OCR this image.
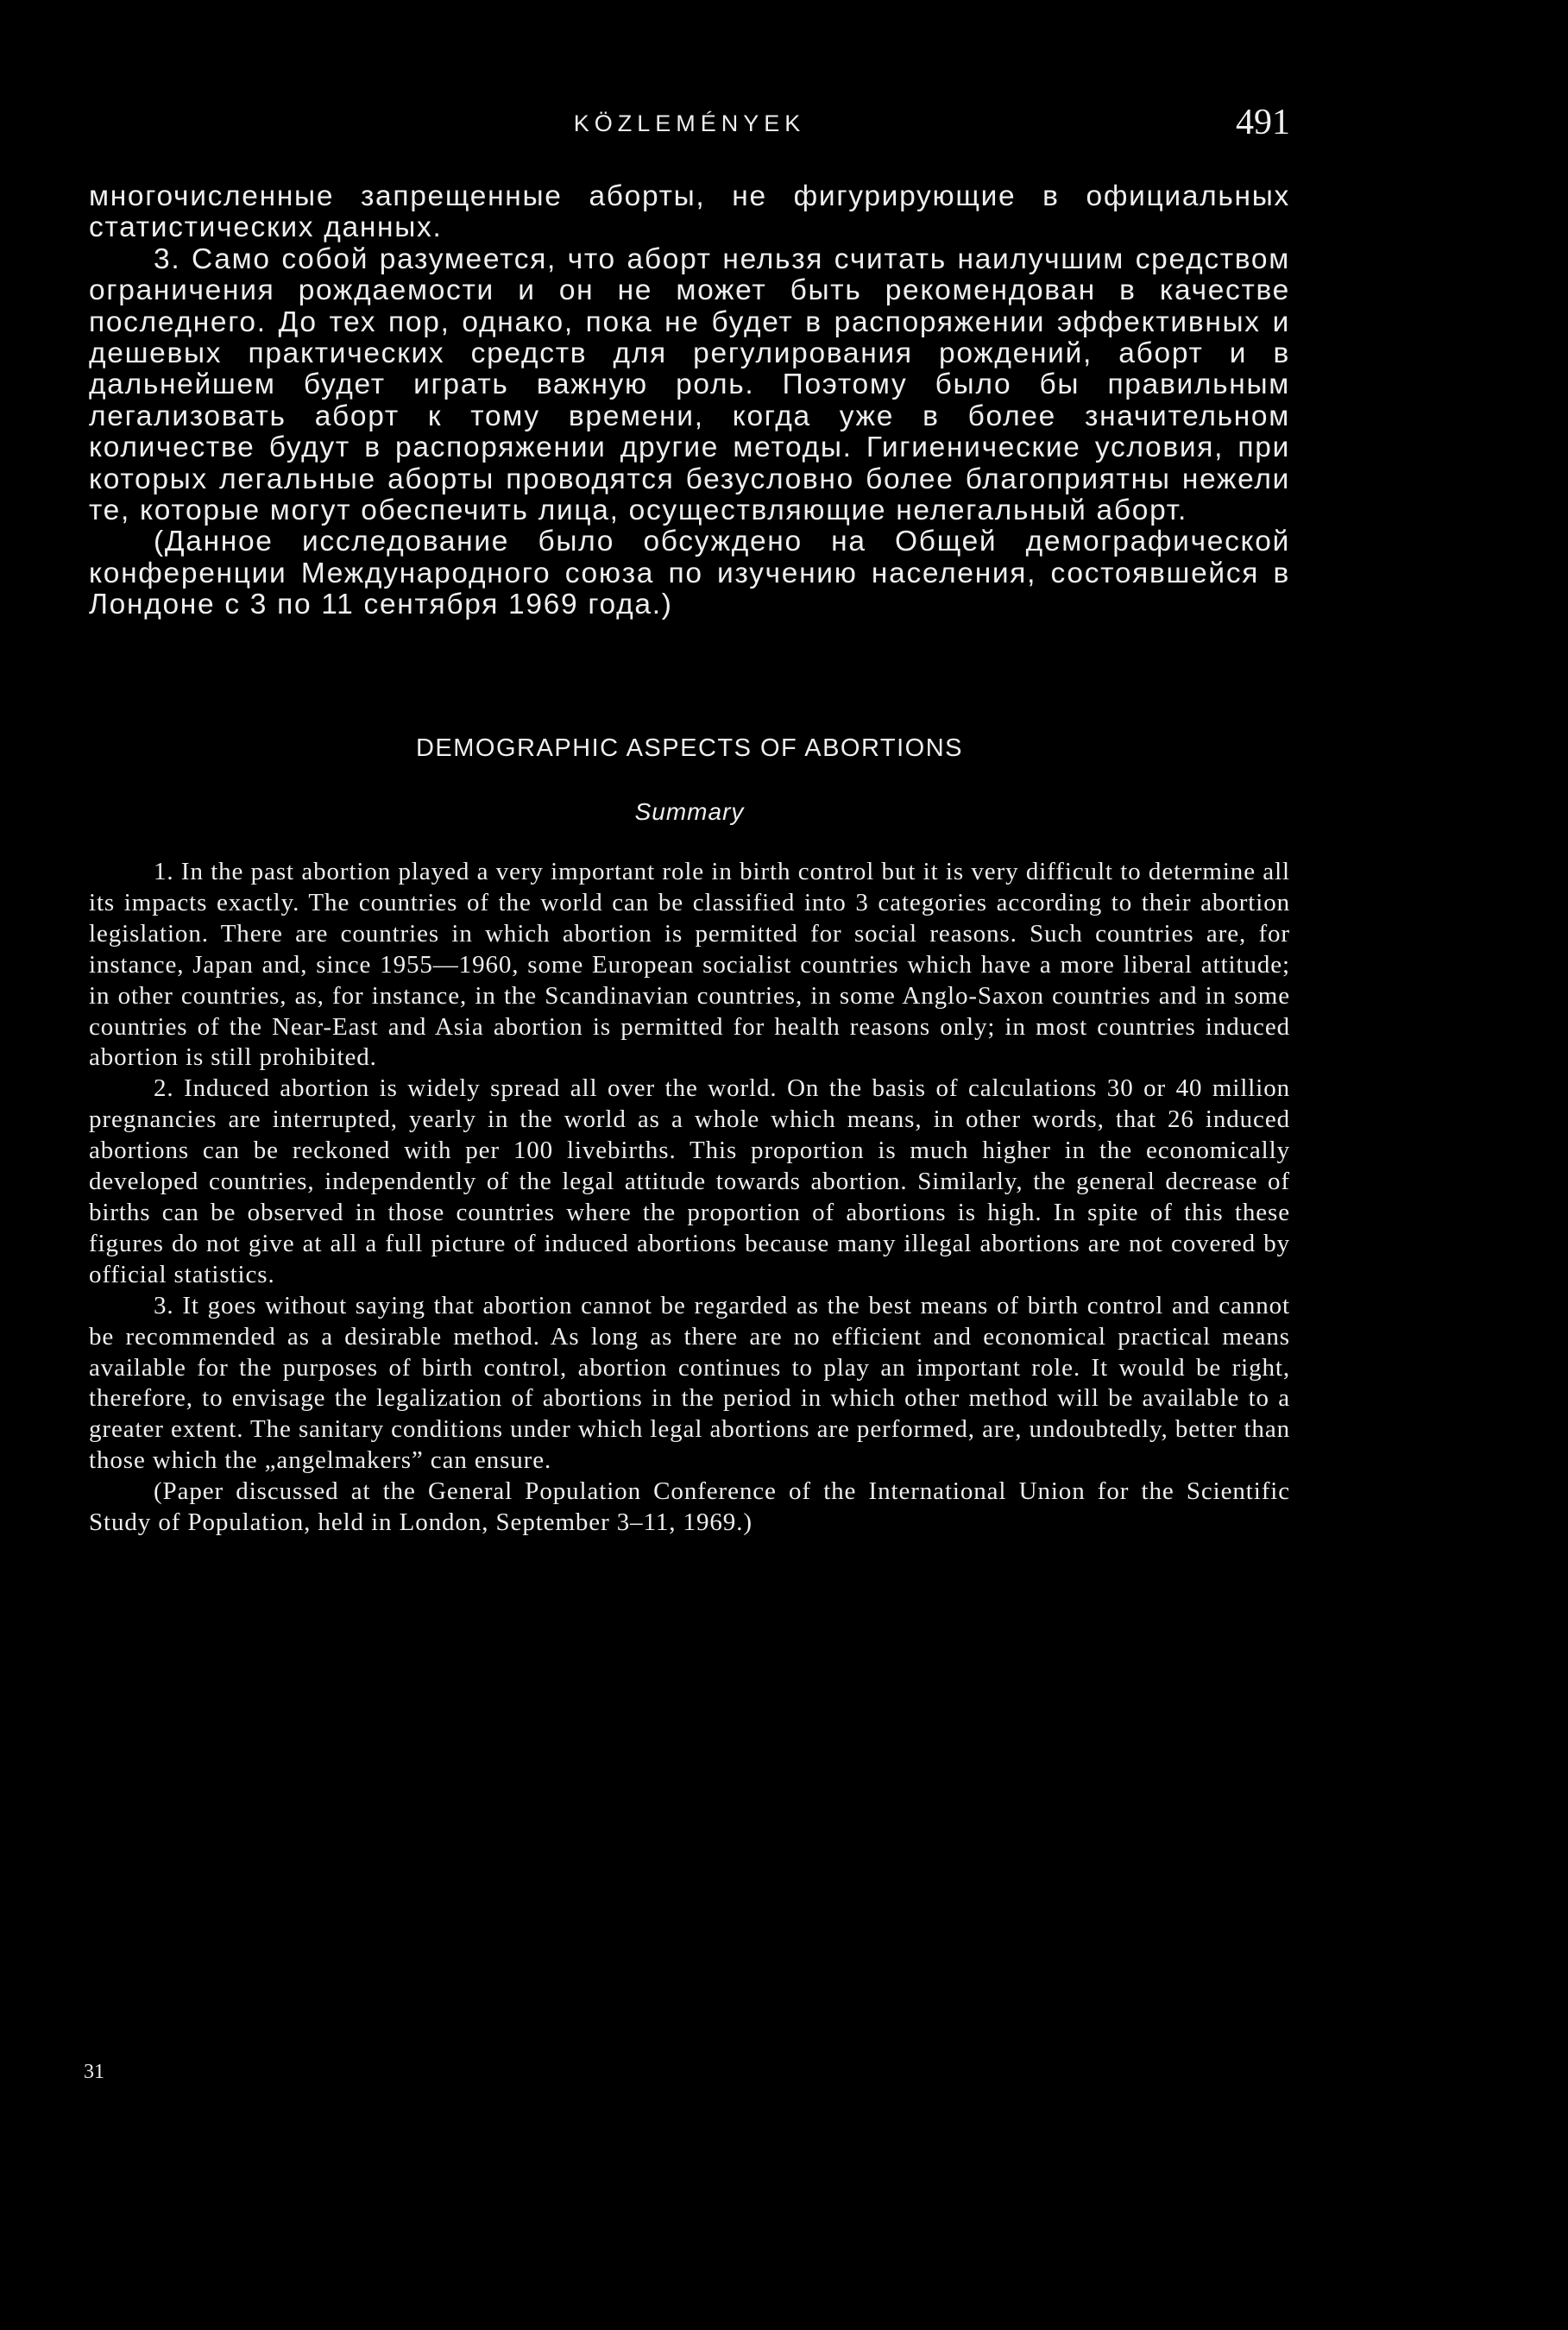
KÖZLEMÉNYEK	491

многочисленные запрещенные аборты, не фигурирующие в официальных статистических данных.

3. Само собой разумеется, что аборт нельзя считать наилучшим средством ограничения рождаемости и он не может быть рекомендован в качестве последнего. До тех пор, однако, пока не будет в распоряжении эффективных и дешевых практических средств для регулирования рождений, аборт и в дальнейшем будет играть важную роль. Поэтому было бы правильным легализовать аборт к тому времени, когда уже в более значительном количестве будут в распоряжении другие методы. Гигиенические условия, при которых легальные аборты проводятся безусловно более благоприятны нежели те, которые могут обеспечить лица, осуществляющие нелегальный аборт.

(Данное исследование было обсуждено на Общей демографической конференции Международного союза по изучению населения, состоявшейся в Лондоне с 3 по 11 сентября 1969 года.)

DEMOGRAPHIC ASPECTS OF ABORTIONS
Summary

1. In the past abortion played a very important role in birth control but it is very difficult to determine all its impacts exactly. The countries of the world can be classified into 3 categories according to their abortion legislation. There are countries in which abortion is permitted for social reasons. Such countries are, for instance, Japan and, since 1955—1960, some European socialist countries which have a more liberal attitude; in other countries, as, for instance, in the Scandinavian countries, in some Anglo-Saxon countries and in some countries of the Near-East and Asia abortion is permitted for health reasons only; in most countries induced abortion is still prohibited.

2. Induced abortion is widely spread all over the world. On the basis of calculations 30 or 40 million pregnancies are interrupted, yearly in the world as a whole which means, in other words, that 26 induced abortions can be reckoned with per 100 livebirths. This proportion is much higher in the economically developed countries, independently of the legal attitude towards abortion. Similarly, the general decrease of births can be observed in those countries where the proportion of abortions is high. In spite of this these figures do not give at all a full picture of induced abortions because many illegal abortions are not covered by official statistics.

3. It goes without saying that abortion cannot be regarded as the best means of birth control and cannot be recommended as a desirable method. As long as there are no efficient and economical practical means available for the purposes of birth control, abortion continues to play an important role. It would be right, therefore, to envisage the legalization of abortions in the period in which other method will be available to a greater extent. The sanitary conditions under which legal abortions are performed, are, undoubtedly, better than those which the „angelmakers” can ensure.

(Paper discussed at the General Population Conference of the International Union for the Scientific Study of Population, held in London, September 3–11, 1969.)

31
